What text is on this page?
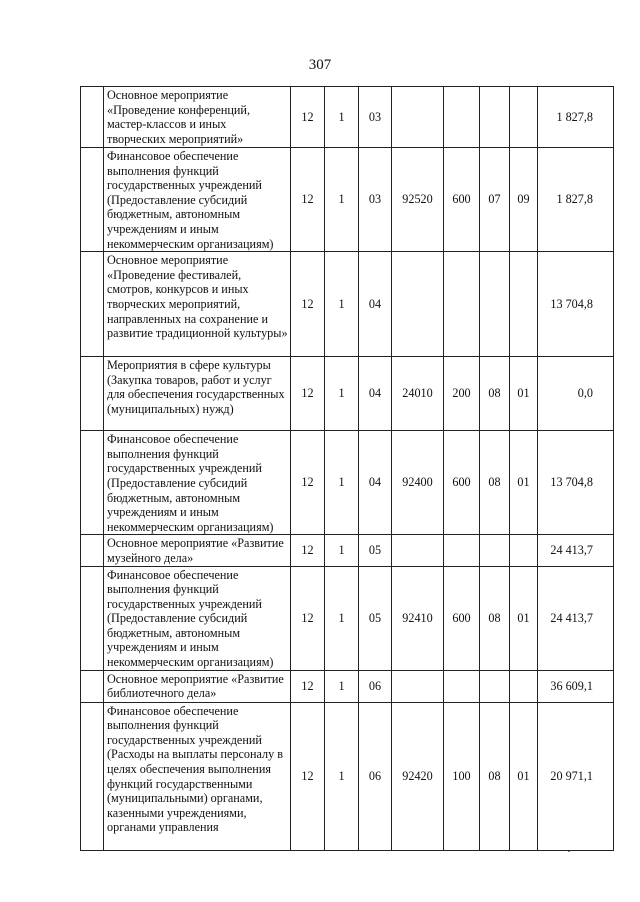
307
	Основное мероприятие «Проведение конференций, мастер-классов и иных творческих мероприятий»	12	1	03					1 827,8
	Финансовое обеспечение выполнения функций государственных учреждений (Предоставление субсидий бюджетным, автономным учреждениям и иным некоммерческим организациям)	12	1	03	92520	600	07	09	1 827,8
	Основное мероприятие «Проведение фестивалей, смотров, конкурсов и иных творческих мероприятий, направленных на сохранение и развитие традиционной культуры»	12	1	04					13 704,8
	Мероприятия в сфере культуры (Закупка товаров, работ и услуг для обеспечения государственных (муниципальных) нужд)	12	1	04	24010	200	08	01	0,0
	Финансовое обеспечение выполнения функций государственных учреждений (Предоставление субсидий бюджетным, автономным учреждениям и иным некоммерческим организациям)	12	1	04	92400	600	08	01	13 704,8
	Основное мероприятие «Развитие музейного дела»	12	1	05					24 413,7
	Финансовое обеспечение выполнения функций государственных учреждений (Предоставление субсидий бюджетным, автономным учреждениям и иным некоммерческим организациям)	12	1	05	92410	600	08	01	24 413,7
	Основное мероприятие «Развитие библиотечного дела»	12	1	06					36 609,1
	Финансовое обеспечение выполнения функций государственных учреждений (Расходы на выплаты персоналу в целях обеспечения выполнения функций государственными (муниципальными) органами, казенными учреждениями, органами управления	12	1	06	92420	100	08	01	20 971,1
